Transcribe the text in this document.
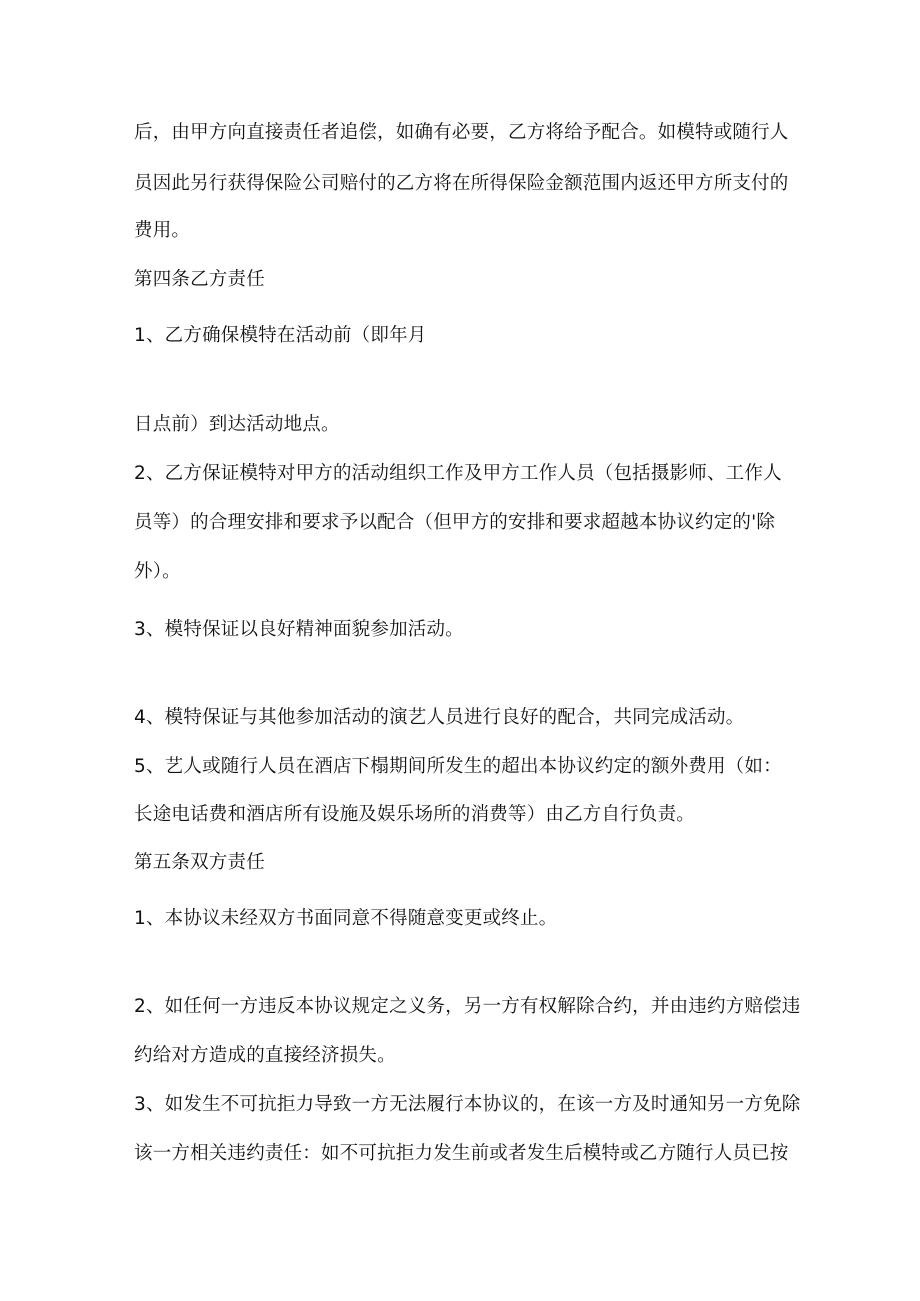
后，由甲方向直接责任者追偿，如确有必要，乙方将给予配合。如模特或随行人
员因此另行获得保险公司赔付的乙方将在所得保险金额范围内返还甲方所支付的
费用。
第四条乙方责任
1、乙方确保模特在活动前（即年月
日点前）到达活动地点。
2、乙方保证模特对甲方的活动组织工作及甲方工作人员（包括摄影师、工作人
员等）的合理安排和要求予以配合（但甲方的安排和要求超越本协议约定的'除
外）。
3、模特保证以良好精神面貌参加活动。
4、模特保证与其他参加活动的演艺人员进行良好的配合，共同完成活动。
5、艺人或随行人员在酒店下榻期间所发生的超出本协议约定的额外费用（如：
长途电话费和酒店所有设施及娱乐场所的消费等）由乙方自行负责。
第五条双方责任
1、本协议未经双方书面同意不得随意变更或终止。
2、如任何一方违反本协议规定之义务，另一方有权解除合约，并由违约方赔偿违
约给对方造成的直接经济损失。
3、如发生不可抗拒力导致一方无法履行本协议的，在该一方及时通知另一方免除
该一方相关违约责任：如不可抗拒力发生前或者发生后模特或乙方随行人员已按
